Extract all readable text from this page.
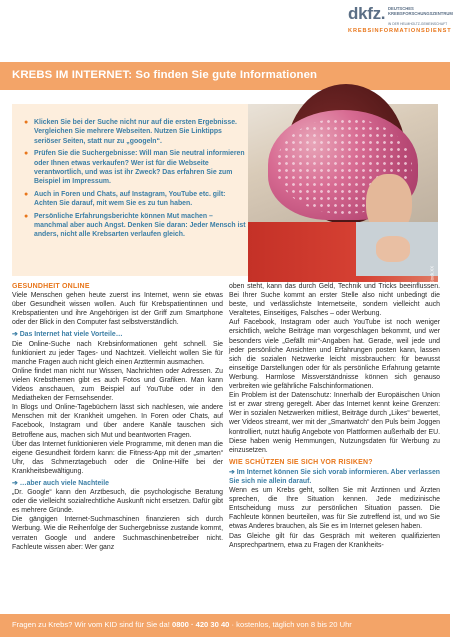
dkfz. DEUTSCHES
KREBSFORSCHUNGSZENTRUM
IN DER HELMHOLTZ-GEMEINSCHAFT
KREBSINFORMATIONSDIENST
KREBS IM INTERNET: So finden Sie gute Informationen
● Klicken Sie bei der Suche nicht nur auf die ersten Ergebnisse. Vergleichen Sie mehrere Webseiten. Nutzen Sie Linktipps seriöser Seiten, statt nur zu „googeln“.
● Prüfen Sie die Suchergebnisse: Will man Sie neutral informieren oder Ihnen etwas verkaufen? Wer ist für die Webseite verantwortlich, und was ist ihr Zweck? Das erfahren Sie zum Beispiel im Impressum.
● Auch in Foren und Chats, auf Instagram, YouTube etc. gilt: Achten Sie darauf, mit wem Sie es zu tun haben.
● Persönliche Erfahrungsberichte können Mut machen – manchmal aber auch Angst. Denken Sie daran: Jeder Mensch ist anders, nicht alle Krebsarten verlaufen gleich.
Foto: – Stock.XX

GESUNDHEIT ONLINE

Viele Menschen gehen heute zuerst ins Internet, wenn sie etwas über Gesundheit wissen wollen. Auch für Krebspatientinnen und Krebspatienten und ihre Angehörigen ist der Griff zum Smartphone oder der Blick in den Computer fast selbstverständlich.

➔ Das Internet hat viele Vorteile…

Die Online-Suche nach Krebsinformationen geht schnell. Sie funktioniert zu jeder Tages- und Nachtzeit. Vielleicht wollen Sie für manche Fragen auch nicht gleich einen Arzttermin ausmachen.

Online findet man nicht nur Wissen, Nachrichten oder Adressen. Zu vielen Krebsthemen gibt es auch Fotos und Grafiken. Man kann Videos anschauen, zum Beispiel auf YouTube oder in den Mediatheken der Fernsehsender.

In Blogs und Online-Tagebüchern lässt sich nachlesen, wie andere Menschen mit der Krankheit umgehen. In Foren oder Chats, auf Facebook, Instagram und über andere Kanäle tauschen sich Betroffene aus, machen sich Mut und beantworten Fragen.

Über das Internet funktionieren viele Programme, mit denen man die eigene Gesundheit fördern kann: die Fitness-App mit der „smarten“ Uhr, das Schmerztagebuch oder die Online-Hilfe bei der Krankheitsbewältigung.

➔ …aber auch viele Nachteile

„Dr. Google“ kann den Arztbesuch, die psychologische Beratung oder die vielleicht sozialrechtliche Auskunft nicht ersetzen. Dafür gibt es mehrere Gründe.

Die gängigen Internet-Suchmaschinen finanzieren sich durch Werbung. Wie die Reihenfolge der Suchergebnisse zustande kommt, verraten Google und andere Suchmaschinenbetreiber nicht. Fachleute wissen aber: Wer ganz

oben steht, kann das durch Geld, Technik und Tricks beeinflussen. Bei Ihrer Suche kommt an erster Stelle also nicht unbedingt die beste, und verlässlichste Internetseite, sondern vielleicht auch Veraltetes, Einseitiges, Falsches – oder Werbung.

Auf Facebook, Instagram oder auch YouTube ist noch weniger ersichtlich, welche Beiträge man vorgeschlagen bekommt, und wer besonders viele „Gefällt mir“-Angaben hat. Gerade, weil jede und jeder persönliche Ansichten und Erfahrungen posten kann, lassen sich die sozialen Netzwerke leicht missbrauchen: für bewusst einseitige Darstellungen oder für als persönliche Erfahrung getarnte Werbung. Harmlose Missverständnisse können sich genauso verbreiten wie gefährliche Falschinformationen.

Ein Problem ist der Datenschutz: Innerhalb der Europäischen Union ist er zwar streng geregelt. Aber das Internet kennt keine Grenzen: Wer in sozialen Netzwerken mitliest, Beiträge durch „Likes“ bewertet, wer Videos streamt, wer mit der „Smartwatch“ den Puls beim Joggen kontrolliert, nutzt häufig Angebote von Plattformen außerhalb der EU. Diese haben wenig Hemmungen, Nutzungsdaten für Werbung zu einzusetzen.

WIE SCHÜTZEN SIE SICH VOR RISIKEN?

➔ Im Internet können Sie sich vorab informieren. Aber verlassen Sie sich nie allein darauf.

Wenn es um Krebs geht, sollten Sie mit Ärztinnen und Ärzten sprechen, die Ihre Situation kennen. Jede medizinische Entscheidung muss zur persönlichen Situation passen. Die Fachleute können beurteilen, was für Sie zutreffend ist, und wo Sie etwas Anderes brauchen, als Sie es im Internet gelesen haben.

Das Gleiche gilt für das Gespräch mit weiteren qualifizierten Ansprechpartnern, etwa zu Fragen der Krankheits-

Fragen zu Krebs? Wir vom KID sind für Sie da! 0800 · 420 30 40 · kostenlos, täglich von 8 bis 20 Uhr
